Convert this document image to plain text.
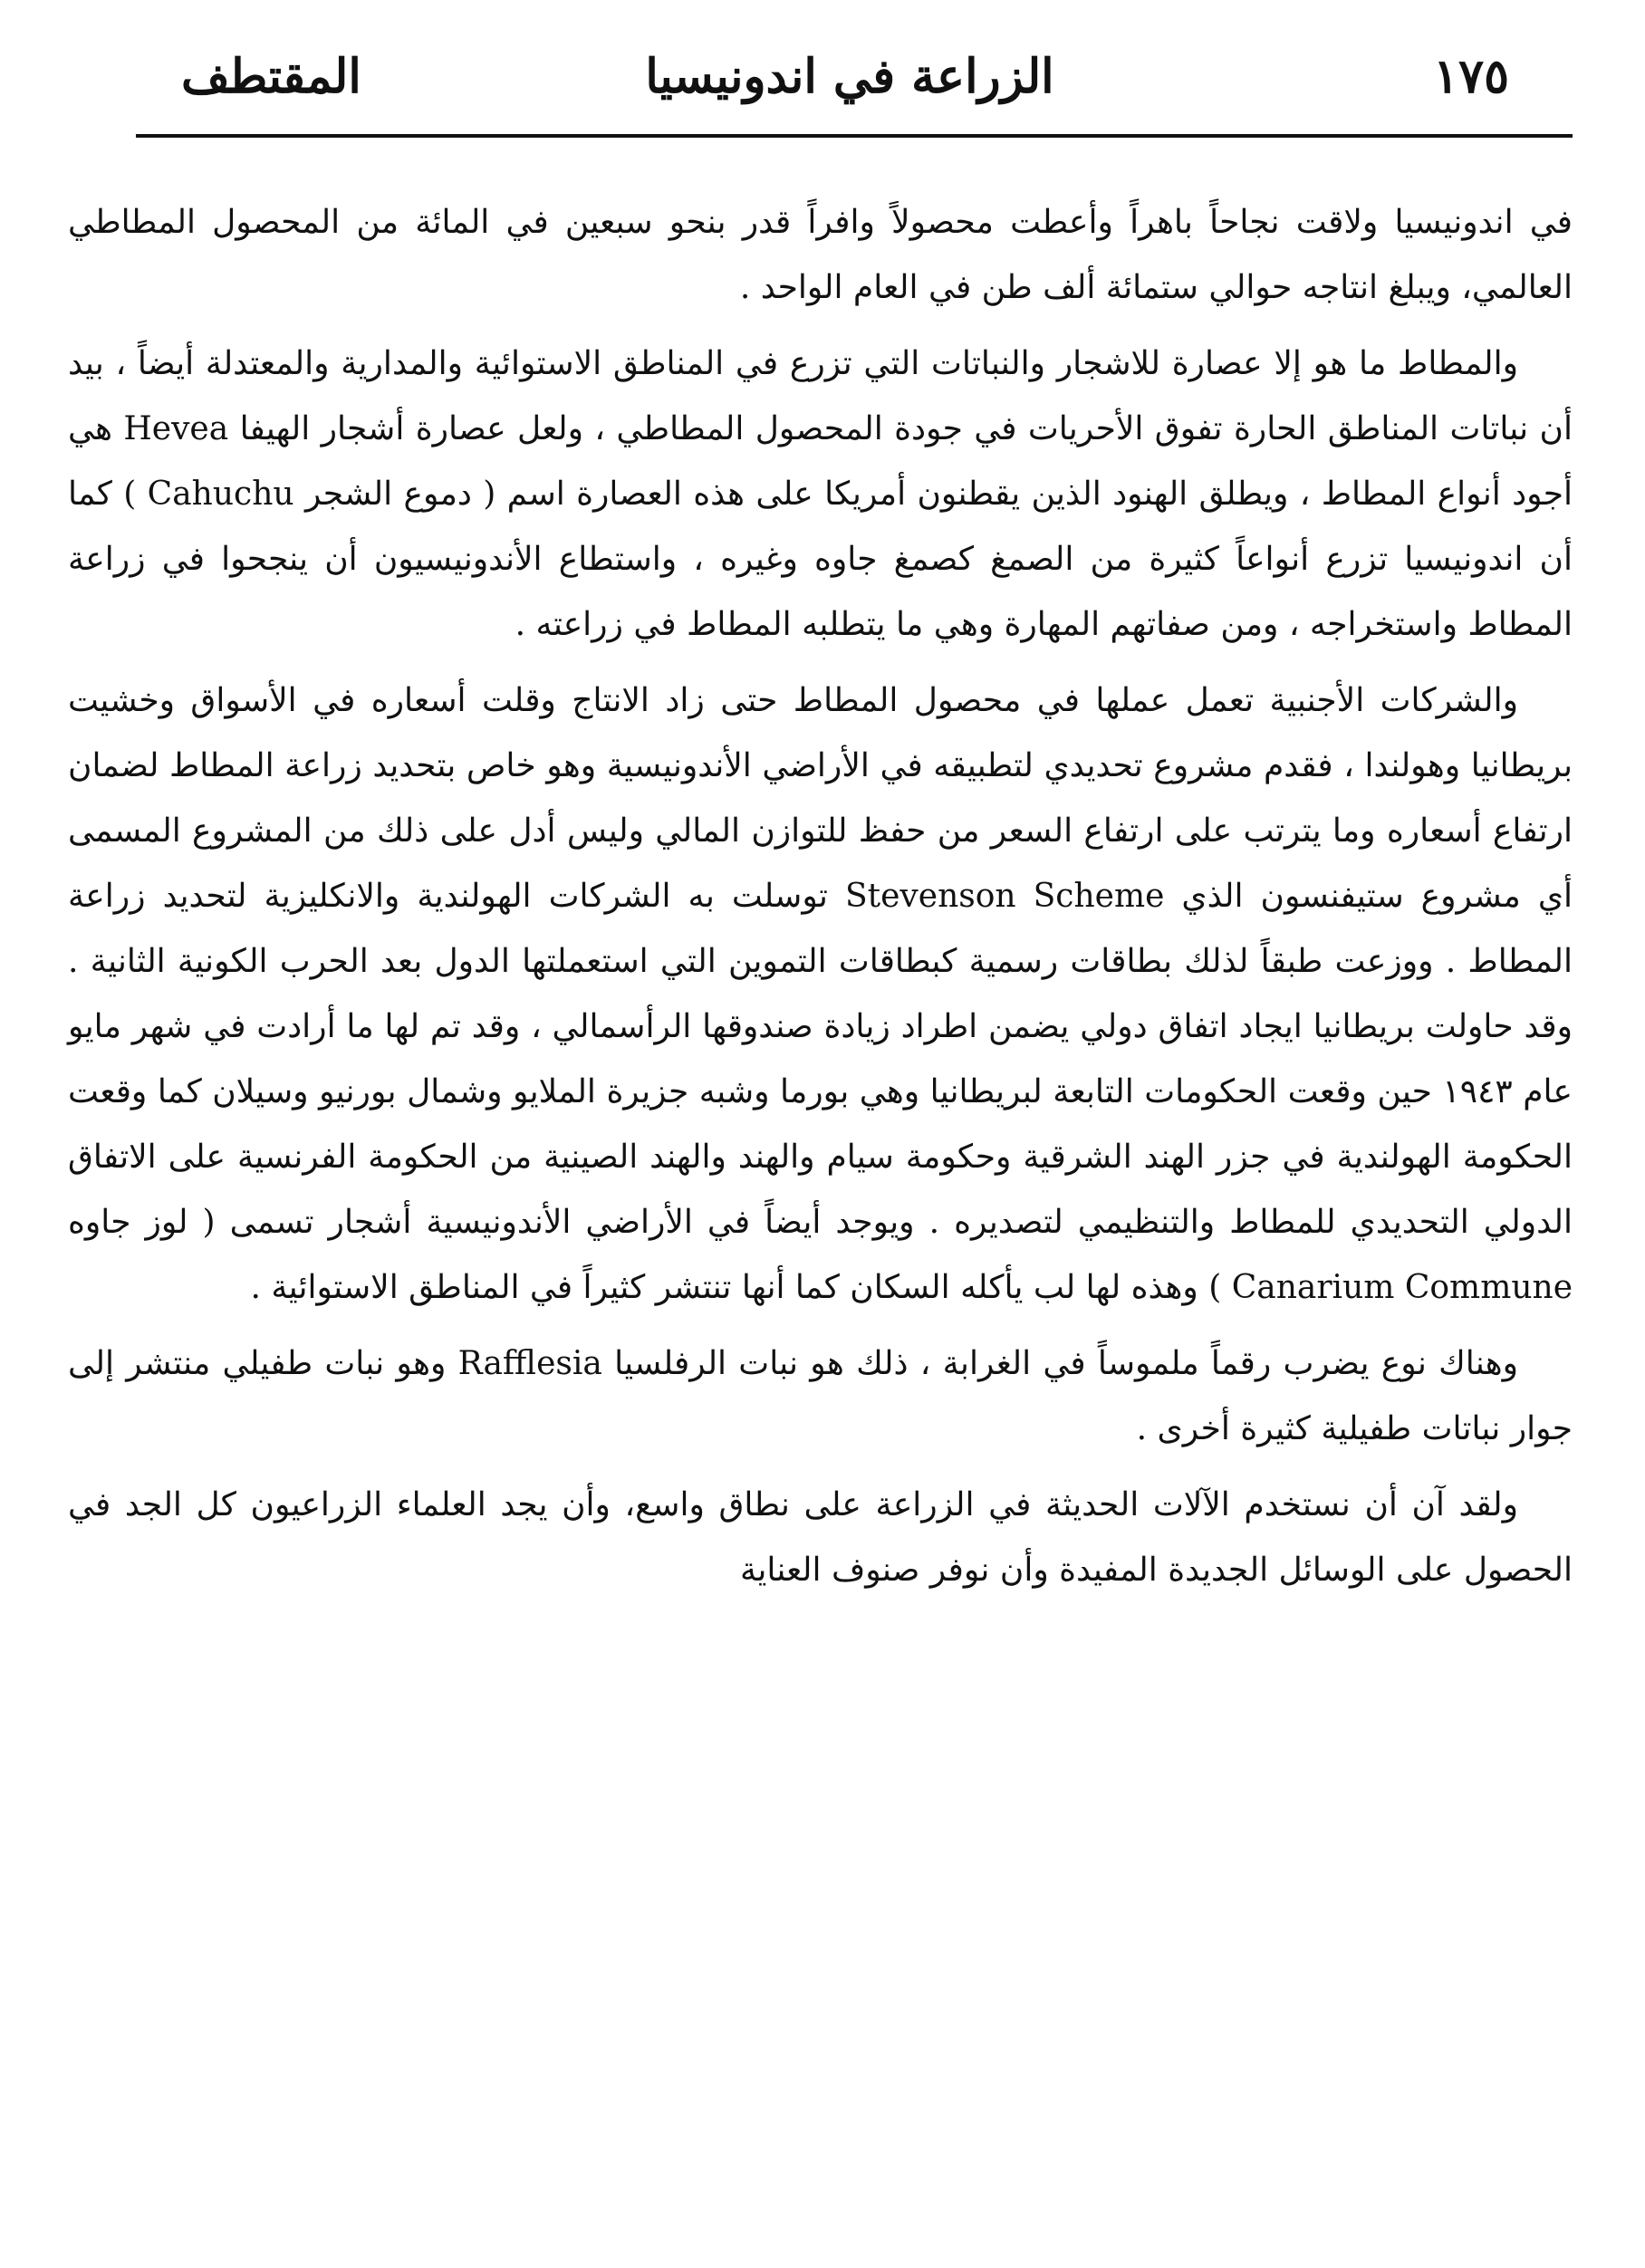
١٧٥
الزراعة في اندونيسيا
المقتطف

في اندونيسيا ولاقت نجاحاً باهراً وأعطت محصولاً وافراً قدر بنحو سبعين في المائة من المحصول المطاطي العالمي، ويبلغ انتاجه حوالي ستمائة ألف طن في العام الواحد .

والمطاط ما هو إلا عصارة للاشجار والنباتات التي تزرع في المناطق الاستوائية والمدارية والمعتدلة أيضاً ، بيد أن نباتات المناطق الحارة تفوق الأحريات في جودة المحصول المطاطي ، ولعل عصارة أشجار الهيفا Hevea هي أجود أنواع المطاط ، ويطلق الهنود الذين يقطنون أمريكا على هذه العصارة اسم ( دموع الشجر Cahuchu ) كما أن اندونيسيا تزرع أنواعاً كثيرة من الصمغ كصمغ جاوه وغيره ، واستطاع الأندونيسيون أن ينجحوا في زراعة المطاط واستخراجه ، ومن صفاتهم المهارة وهي ما يتطلبه المطاط في زراعته .

والشركات الأجنبية تعمل عملها في محصول المطاط حتى زاد الانتاج وقلت أسعاره في الأسواق وخشيت بريطانيا وهولندا ، فقدم مشروع تحديدي لتطبيقه في الأراضي الأندونيسية وهو خاص بتحديد زراعة المطاط لضمان ارتفاع أسعاره وما يترتب على ارتفاع السعر من حفظ للتوازن المالي وليس أدل على ذلك من المشروع المسمى أي مشروع ستيفنسون الذي Stevenson Scheme توسلت به الشركات الهولندية والانكليزية لتحديد زراعة المطاط . ووزعت طبقاً لذلك بطاقات رسمية كبطاقات التموين التي استعملتها الدول بعد الحرب الكونية الثانية . وقد حاولت بريطانيا ايجاد اتفاق دولي يضمن اطراد زيادة صندوقها الرأسمالي ، وقد تم لها ما أرادت في شهر مايو عام ١٩٤٣ حين وقعت الحكومات التابعة لبريطانيا وهي بورما وشبه جزيرة الملايو وشمال بورنيو وسيلان كما وقعت الحكومة الهولندية في جزر الهند الشرقية وحكومة سيام والهند والهند الصينية من الحكومة الفرنسية على الاتفاق الدولي التحديدي للمطاط والتنظيمي لتصديره . ويوجد أيضاً في الأراضي الأندونيسية أشجار تسمى ( لوز جاوه Canarium Commune ) وهذه لها لب يأكله السكان كما أنها تنتشر كثيراً في المناطق الاستوائية .

وهناك نوع يضرب رقماً ملموساً في الغرابة ، ذلك هو نبات الرفلسيا Rafflesia وهو نبات طفيلي منتشر إلى جوار نباتات طفيلية كثيرة أخرى .

ولقد آن أن نستخدم الآلات الحديثة في الزراعة على نطاق واسع، وأن يجد العلماء الزراعيون كل الجد في الحصول على الوسائل الجديدة المفيدة وأن نوفر صنوف العناية
